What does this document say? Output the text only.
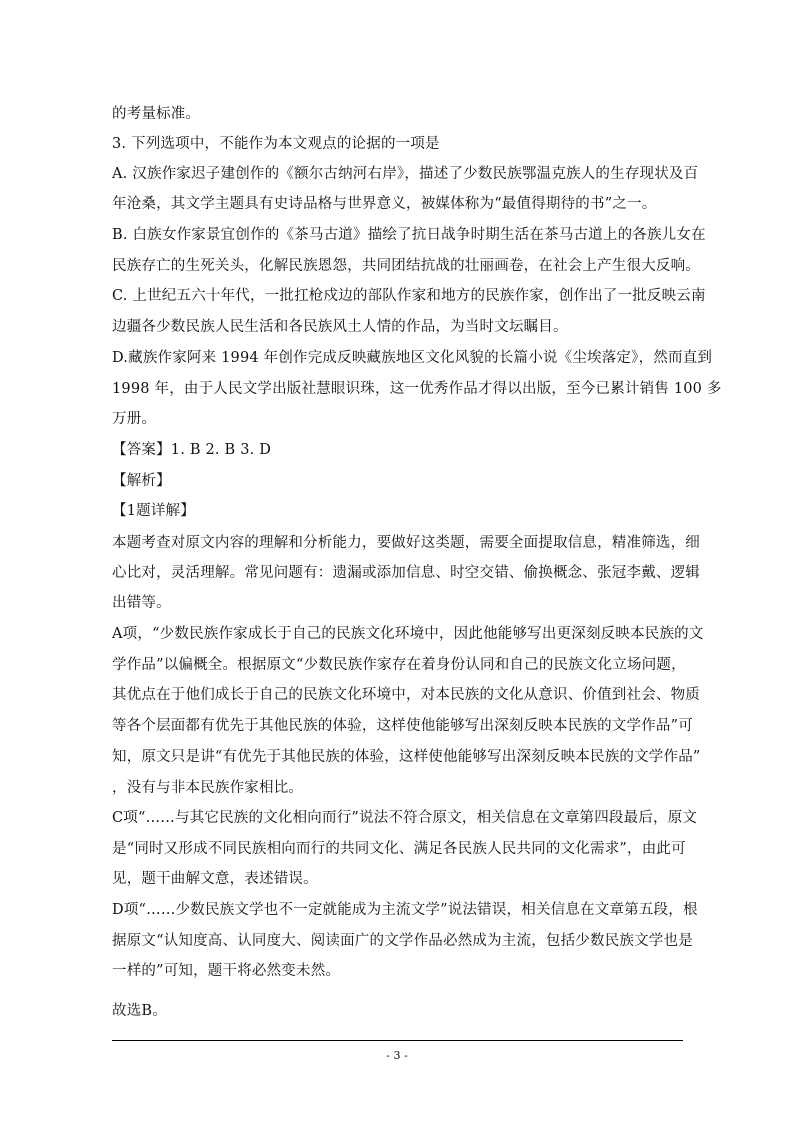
的考量标准。
3. 下列选项中，不能作为本文观点的论据的一项是
A. 汉族作家迟子建创作的《额尔古纳河右岸》，描述了少数民族鄂温克族人的生存现状及百
年沧桑，其文学主题具有史诗品格与世界意义，被媒体称为“最值得期待的书”之一。
B. 白族女作家景宜创作的《茶马古道》描绘了抗日战争时期生活在茶马古道上的各族儿女在
民族存亡的生死关头，化解民族恩怨，共同团结抗战的壮丽画卷，在社会上产生很大反响。
C. 上世纪五六十年代，一批扛枪戍边的部队作家和地方的民族作家，创作出了一批反映云南
边疆各少数民族人民生活和各民族风土人情的作品，为当时文坛瞩目。
D.藏族作家阿来 1994 年创作完成反映藏族地区文化风貌的长篇小说《尘埃落定》，然而直到
1998 年，由于人民文学出版社慧眼识珠，这一优秀作品才得以出版，至今已累计销售 100 多
万册。
【答案】1. B 2. B 3. D
【解析】
【1题详解】
本题考查对原文内容的理解和分析能力，要做好这类题，需要全面提取信息，精准筛选，细
心比对，灵活理解。常见问题有：遗漏或添加信息、时空交错、偷换概念、张冠李戴、逻辑
出错等。
A项，“少数民族作家成长于自己的民族文化环境中，因此他能够写出更深刻反映本民族的文
学作品”以偏概全。根据原文“少数民族作家存在着身份认同和自己的民族文化立场问题，
其优点在于他们成长于自己的民族文化环境中，对本民族的文化从意识、价值到社会、物质
等各个层面都有优先于其他民族的体验，这样使他能够写出深刻反映本民族的文学作品”可
知，原文只是讲“有优先于其他民族的体验，这样使他能够写出深刻反映本民族的文学作品”
，没有与非本民族作家相比。
C项“……与其它民族的文化相向而行”说法不符合原文，相关信息在文章第四段最后，原文
是“同时又形成不同民族相向而行的共同文化、满足各民族人民共同的文化需求”，由此可
见，题干曲解文意，表述错误。
D项“……少数民族文学也不一定就能成为主流文学”说法错误，相关信息在文章第五段，根
据原文“认知度高、认同度大、阅读面广的文学作品必然成为主流，包括少数民族文学也是
一样的”可知，题干将必然变未然。
故选B。
- 3 -
